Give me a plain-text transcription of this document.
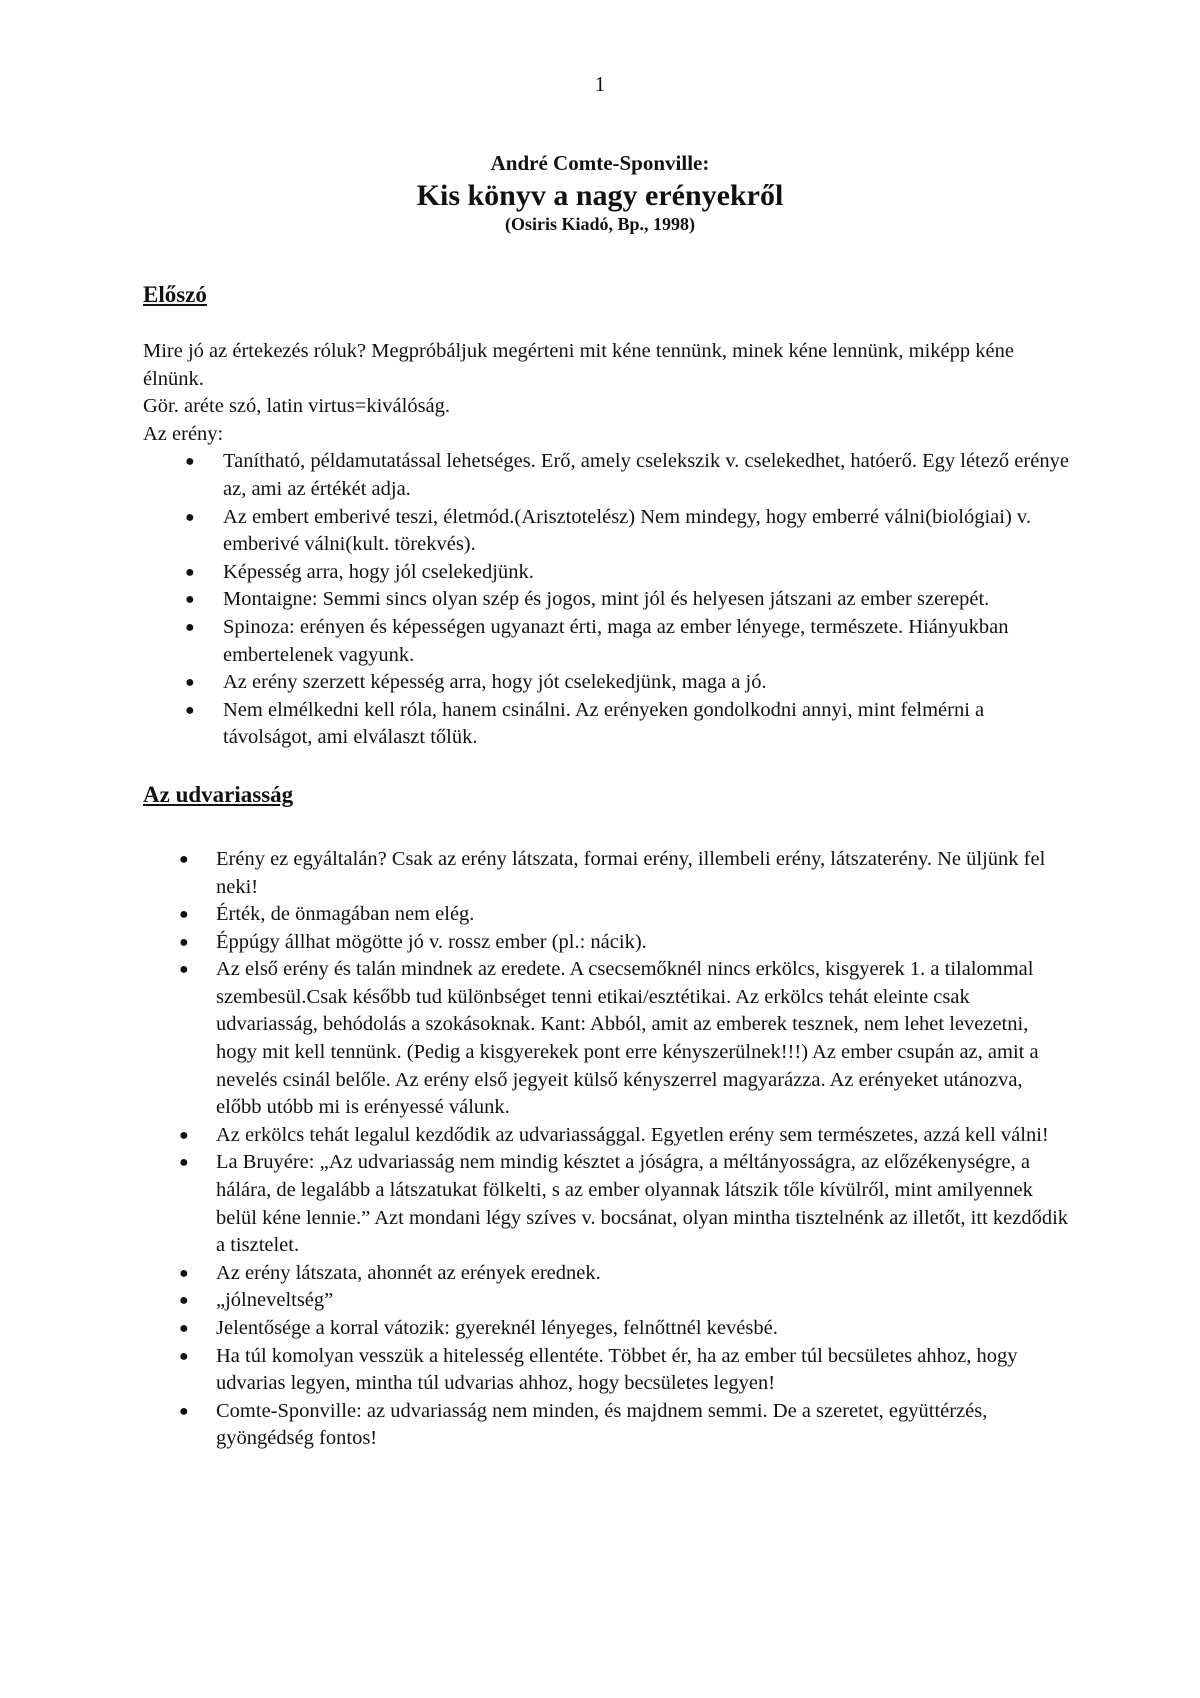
1
André Comte-Sponville:
Kis könyv a nagy erényekről
(Osiris Kiadó, Bp., 1998)
Előszó

Mire jó az értekezés róluk? Megpróbáljuk megérteni mit kéne tennünk, minek kéne lennünk, miképp kéne élnünk.

Gör. aréte szó, latin virtus=kiválóság.

Az erény:

● Tanítható, példamutatással lehetséges. Erő, amely cselekszik v. cselekedhet, hatóerő. Egy létező erénye az, ami az értékét adja.
● Az embert emberivé teszi, életmód.(Arisztotelész) Nem mindegy, hogy emberré válni(biológiai) v. emberivé válni(kult. törekvés).
● Képesség arra, hogy jól cselekedjünk.
● Montaigne: Semmi sincs olyan szép és jogos, mint jól és helyesen játszani az ember szerepét.
● Spinoza: erényen és képességen ugyanazt érti, maga az ember lényege, természete. Hiányukban embertelenek vagyunk.
● Az erény szerzett képesség arra, hogy jót cselekedjünk, maga a jó.
● Nem elmélkedni kell róla, hanem csinálni. Az erényeken gondolkodni annyi, mint felmérni a távolságot, ami elválaszt tőlük.
Az udvariasság
● Erény ez egyáltalán? Csak az erény látszata, formai erény, illembeli erény, látszaterény. Ne üljünk fel neki!
● Érték, de önmagában nem elég.
● Éppúgy állhat mögötte jó v. rossz ember (pl.: nácik).
● Az első erény és talán mindnek az eredete. A csecsemőknél nincs erkölcs, kisgyerek 1. a tilalommal szembesül.Csak később tud különbséget tenni etikai/esztétikai. Az erkölcs tehát eleinte csak udvariasság, behódolás a szokásoknak. Kant: Abból, amit az emberek tesznek, nem lehet levezetni, hogy mit kell tennünk. (Pedig a kisgyerekek pont erre kényszerülnek!!!) Az ember csupán az, amit a nevelés csinál belőle. Az erény első jegyeit külső kényszerrel magyarázza. Az erényeket utánozva, előbb utóbb mi is erényessé válunk.
● Az erkölcs tehát legalul kezdődik az udvariassággal. Egyetlen erény sem természetes, azzá kell válni!
● La Bruyére: „Az udvariasság nem mindig késztet a jóságra, a méltányosságra, az előzékenységre, a hálára, de legalább a látszatukat fölkelti, s az ember olyannak látszik tőle kívülről, mint amilyennek belül kéne lennie.” Azt mondani légy szíves v. bocsánat, olyan mintha tisztelnénk az illetőt, itt kezdődik a tisztelet.
● Az erény látszata, ahonnét az erények erednek.
● „jólneveltség”
● Jelentősége a korral vátozik: gyereknél lényeges, felnőttnél kevésbé.
● Ha túl komolyan vesszük a hitelesség ellentéte. Többet ér, ha az ember túl becsületes ahhoz, hogy udvarias legyen, mintha túl udvarias ahhoz, hogy becsületes legyen!
● Comte-Sponville: az udvariasság nem minden, és majdnem semmi. De a szeretet, együttérzés, gyöngédség fontos!
